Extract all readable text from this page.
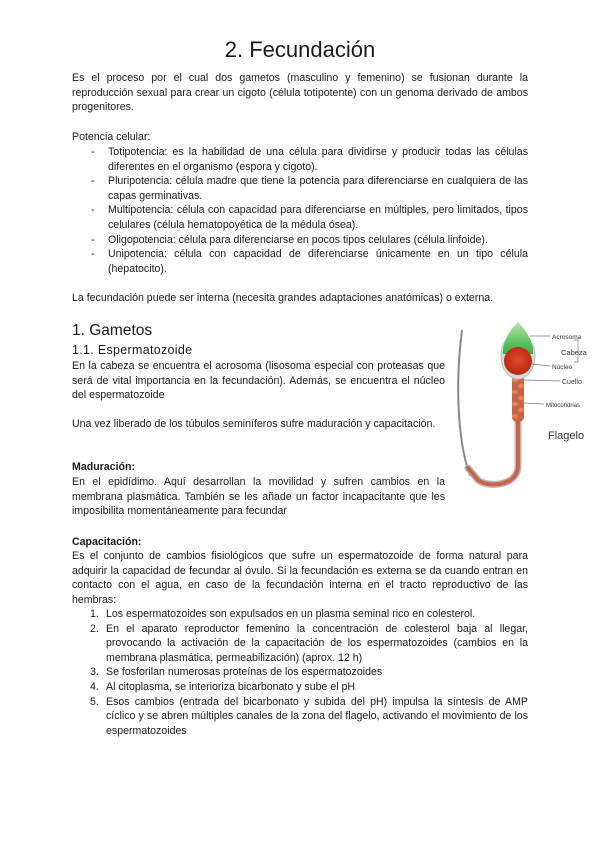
2. Fecundación

Es el proceso por el cual dos gametos (masculino y femenino) se fusionan durante la reproducción sexual para crear un cigoto (célula totipotente) con un genoma derivado de ambos progenitores.

Potencia celular:

- Totipotencia: es la habilidad de una célula para dividirse y producir todas las células diferentes en el organismo (espora y cigoto).
- Pluripotencia: célula madre que tiene la potencia para diferenciarse en cualquiera de las capas germinativas.
- Multipotencia: célula con capacidad para diferenciarse en múltiples, pero limitados, tipos celulares (célula hematopoyética de la médula ósea).
- Oligopotencia: célula para diferenciarse en pocos tipos celulares (célula linfoide).
- Unipotencia: célula con capacidad de diferenciarse únicamente en un tipo célula (hepatocito).

La fecundación puede ser interna (necesita grandes adaptaciones anatómicas) o externa.

1. Gametos
1.1. Espermatozoide

En la cabeza se encuentra el acrosoma (lisosoma especial con proteasas que será de vital importancia en la fecundación). Además, se encuentra el núcleo del espermatozoide

Una vez liberado de los túbulos seminíferos sufre maduración y capacitación.

Maduración:

En el epidídimo. Aquí desarrollan la movilidad y sufren cambios en la membrana plasmática. También se les añade un factor incapacitante que les imposibilita momentáneamente para fecundar

Capacitación:

Es el conjunto de cambios fisiológicos que sufre un espermatozoide de forma natural para adquirir la capacidad de fecundar al óvulo. Si la fecundación es externa se da cuando entran en contacto con el agua, en caso de la fecundación interna en el tracto reproductivo de las hembras:

1. Los espermatozoides son expulsados en un plasma seminal rico en colesterol.
2. En el aparato reproductor femenino la concentración de colesterol baja al llegar, provocando la activación de la capacitación de los espermatozoides (cambios en la membrana plasmática, permeabilización) (aprox. 12 h)
3. Se fosforilan numerosas proteínas de los espermatozoides
4. Al citoplasma, se interioriza bicarbonato y sube el pH
5. Esos cambios (entrada del bicarbonato y subida del pH) impulsa la síntesis de AMP cíclico y se abren múltiples canales de la zona del flagelo, activando el movimiento de los espermatozoides
Acrosoma
Cabeza
Núcleo
Cuello
Mitocondrias
Flagelo
